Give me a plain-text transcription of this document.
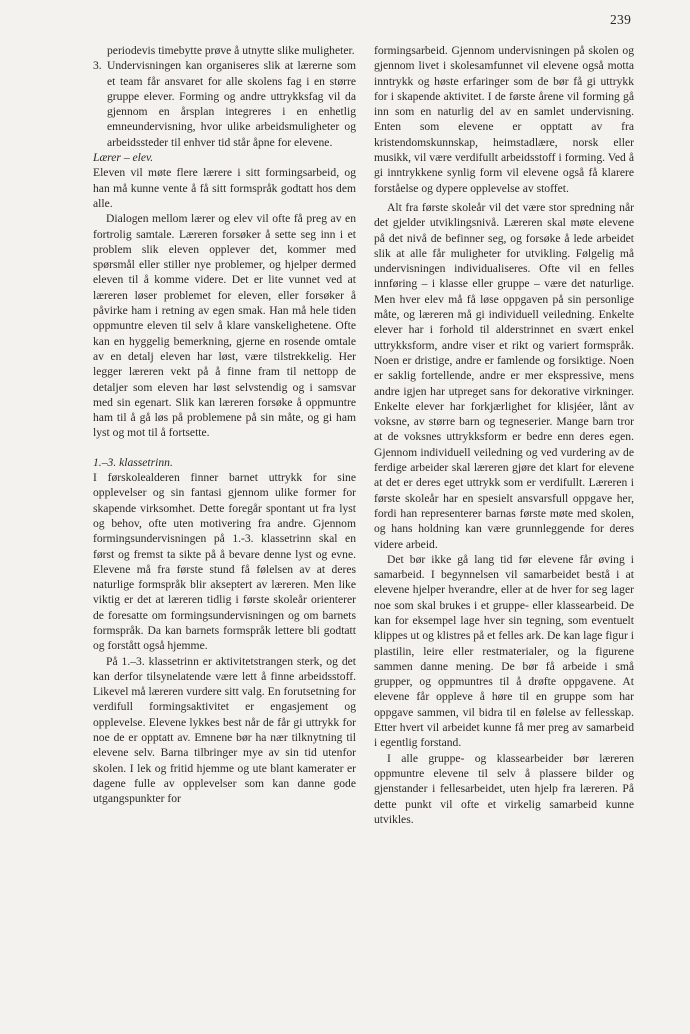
239

periodevis timebytte prøve å utnytte slike muligheter.

3. Undervisningen kan organiseres slik at lærerne som et team får ansvaret for alle skolens fag i en større gruppe elever. Forming og andre uttrykksfag vil da gjennom en årsplan integreres i en enhetlig emneundervisning, hvor ulike arbeidsmuligheter og arbeidssteder til enhver tid står åpne for elevene.

Lærer – elev.

Eleven vil møte flere lærere i sitt formingsarbeid, og han må kunne vente å få sitt formspråk godtatt hos dem alle.

Dialogen mellom lærer og elev vil ofte få preg av en fortrolig samtale. Læreren forsøker å sette seg inn i et problem slik eleven opplever det, kommer med spørsmål eller stiller nye problemer, og hjelper dermed eleven til å komme videre. Det er lite vunnet ved at læreren løser problemet for eleven, eller forsøker å påvirke ham i retning av egen smak. Han må hele tiden oppmuntre eleven til selv å klare vanskelighetene. Ofte kan en hyggelig bemerkning, gjerne en rosende omtale av en detalj eleven har løst, være tilstrekkelig. Her legger læreren vekt på å finne fram til nettopp de detaljer som eleven har løst selvstendig og i samsvar med sin egenart. Slik kan læreren forsøke å oppmuntre ham til å gå løs på problemene på sin måte, og gi ham lyst og mot til å fortsette.

1.–3. klassetrinn.

I førskolealderen finner barnet uttrykk for sine opplevelser og sin fantasi gjennom ulike former for skapende virksomhet. Dette foregår spontant ut fra lyst og behov, ofte uten motivering fra andre. Gjennom formingsundervisningen på 1.-3. klassetrinn skal en først og fremst ta sikte på å bevare denne lyst og evne. Elevene må fra første stund få følelsen av at deres naturlige formspråk blir akseptert av læreren. Men like viktig er det at læreren tidlig i første skoleår orienterer de foresatte om formingsundervisningen og om barnets formspråk. Da kan barnets formspråk lettere bli godtatt og forstått også hjemme.

På 1.–3. klassetrinn er aktivitetstrangen sterk, og det kan derfor tilsynelatende være lett å finne arbeidsstoff. Likevel må læreren vurdere sitt valg. En forutsetning for verdifull formingsaktivitet er engasjement og opplevelse. Elevene lykkes best når de får gi uttrykk for noe de er opptatt av. Emnene bør ha nær tilknytning til elevene selv. Barna tilbringer mye av sin tid utenfor skolen. I lek og fritid hjemme og ute blant kamerater er dagene fulle av opplevelser som kan danne gode utgangspunkter for

formingsarbeid. Gjennom undervisningen på skolen og gjennom livet i skolesamfunnet vil elevene også motta inntrykk og høste erfaringer som de bør få gi uttrykk for i skapende aktivitet. I de første årene vil forming gå inn som en naturlig del av en samlet undervisning. Enten som elevene er opptatt av fra kristendomskunnskap, heimstadlære, norsk eller musikk, vil være verdifullt arbeidsstoff i forming. Ved å gi inntrykkene synlig form vil elevene også få klarere forståelse og dypere opplevelse av stoffet.

Alt fra første skoleår vil det være stor spredning når det gjelder utviklingsnivå. Læreren skal møte elevene på det nivå de befinner seg, og forsøke å lede arbeidet slik at alle får muligheter for utvikling. Følgelig må undervisningen individualiseres. Ofte vil en felles innføring – i klasse eller gruppe – være det naturlige. Men hver elev må få løse oppgaven på sin personlige måte, og læreren må gi individuell veiledning. Enkelte elever har i forhold til alderstrinnet en svært enkel uttrykksform, andre viser et rikt og variert formspråk. Noen er dristige, andre er famlende og forsiktige. Noen er saklig fortellende, andre er mer ekspressive, mens andre igjen har utpreget sans for dekorative virkninger. Enkelte elever har forkjærlighet for klisjéer, lånt av voksne, av større barn og tegneserier. Mange barn tror at de voksnes uttrykksform er bedre enn deres egen. Gjennom individuell veiledning og ved vurdering av de ferdige arbeider skal læreren gjøre det klart for elevene at det er deres eget uttrykk som er verdifullt. Læreren i første skoleår har en spesielt ansvarsfull oppgave her, fordi han representerer barnas første møte med skolen, og hans holdning kan være grunnleggende for deres videre arbeid.

Det bør ikke gå lang tid før elevene får øving i samarbeid. I begynnelsen vil samarbeidet bestå i at elevene hjelper hverandre, eller at de hver for seg lager noe som skal brukes i et gruppe- eller klassearbeid. De kan for eksempel lage hver sin tegning, som eventuelt klippes ut og klistres på et felles ark. De kan lage figur i plastilin, leire eller restmaterialer, og la figurene sammen danne mening. De bør få arbeide i små grupper, og oppmuntres til å drøfte oppgavene. At elevene får oppleve å høre til en gruppe som har oppgave sammen, vil bidra til en følelse av fellesskap. Etter hvert vil arbeidet kunne få mer preg av samarbeid i egentlig forstand.

I alle gruppe- og klassearbeider bør læreren oppmuntre elevene til selv å plassere bilder og gjenstander i fellesarbeidet, uten hjelp fra læreren. På dette punkt vil ofte et virkelig samarbeid kunne utvikles.
